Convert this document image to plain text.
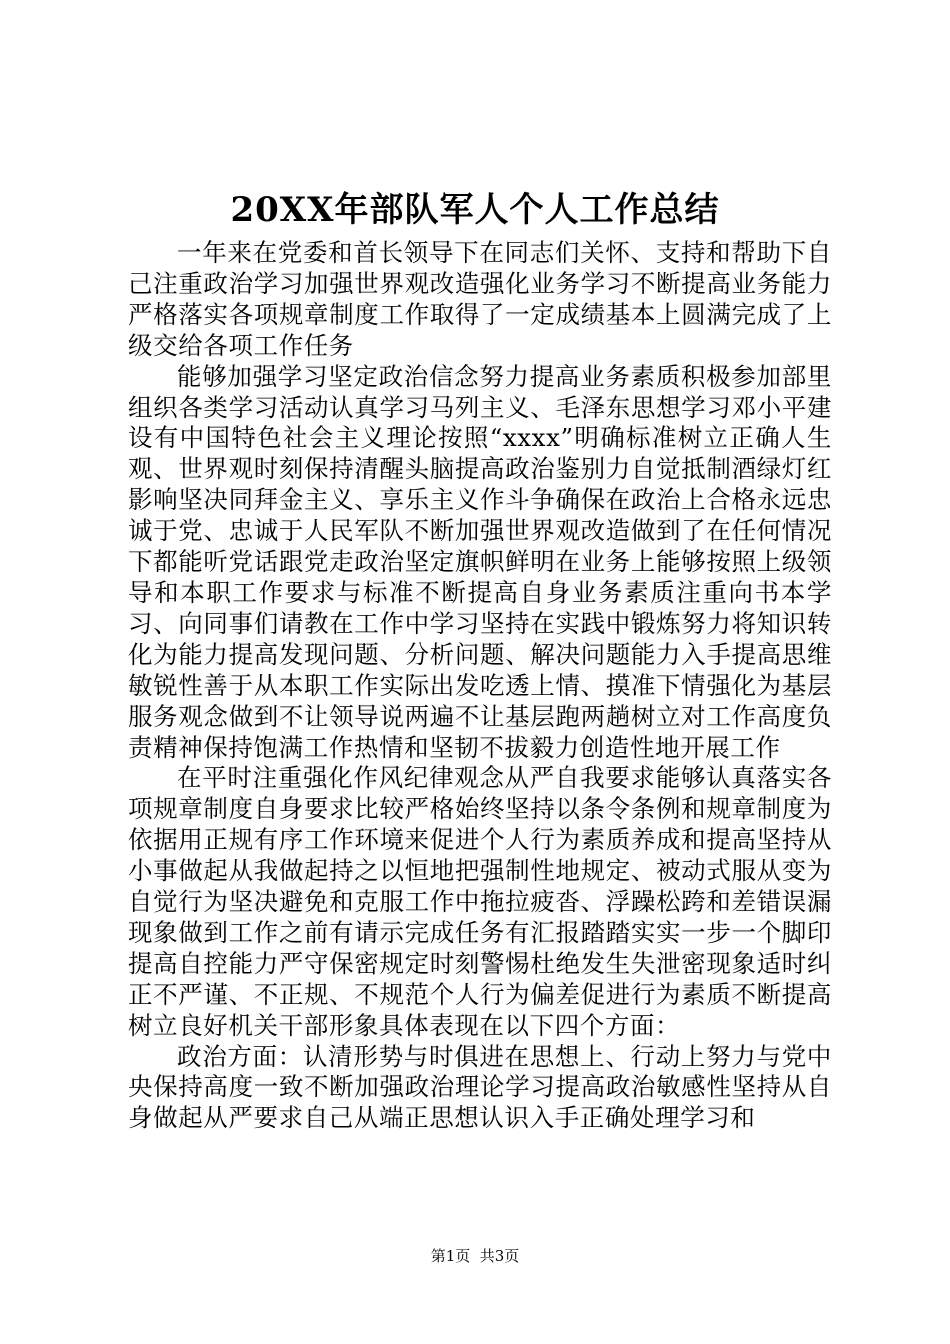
20XX年部队军人个人工作总结

一年来在党委和首长领导下在同志们关怀、支持和帮助下自己注重政治学习加强世界观改造强化业务学习不断提高业务能力严格落实各项规章制度工作取得了一定成绩基本上圆满完成了上级交给各项工作任务

能够加强学习坚定政治信念努力提高业务素质积极参加部里组织各类学习活动认真学习马列主义、毛泽东思想学习邓小平建设有中国特色社会主义理论按照“xxxx”明确标准树立正确人生观、世界观时刻保持清醒头脑提高政治鉴别力自觉抵制酒绿灯红影响坚决同拜金主义、享乐主义作斗争确保在政治上合格永远忠诚于党、忠诚于人民军队不断加强世界观改造做到了在任何情况下都能听党话跟党走政治坚定旗帜鲜明在业务上能够按照上级领导和本职工作要求与标准不断提高自身业务素质注重向书本学习、向同事们请教在工作中学习坚持在实践中锻炼努力将知识转化为能力提高发现问题、分析问题、解决问题能力入手提高思维敏锐性善于从本职工作实际出发吃透上情、摸准下情强化为基层服务观念做到不让领导说两遍不让基层跑两趟树立对工作高度负责精神保持饱满工作热情和坚韧不拔毅力创造性地开展工作

在平时注重强化作风纪律观念从严自我要求能够认真落实各项规章制度自身要求比较严格始终坚持以条令条例和规章制度为依据用正规有序工作环境来促进个人行为素质养成和提高坚持从小事做起从我做起持之以恒地把强制性地规定、被动式服从变为自觉行为坚决避免和克服工作中拖拉疲沓、浮躁松跨和差错误漏现象做到工作之前有请示完成任务有汇报踏踏实实一步一个脚印提高自控能力严守保密规定时刻警惕杜绝发生失泄密现象适时纠正不严谨、不正规、不规范个人行为偏差促进行为素质不断提高树立良好机关干部形象具体表现在以下四个方面：

政治方面：认清形势与时俱进在思想上、行动上努力与党中央保持高度一致不断加强政治理论学习提高政治敏感性坚持从自身做起从严要求自己从端正思想认识入手正确处理学习和

第1页  共3页
